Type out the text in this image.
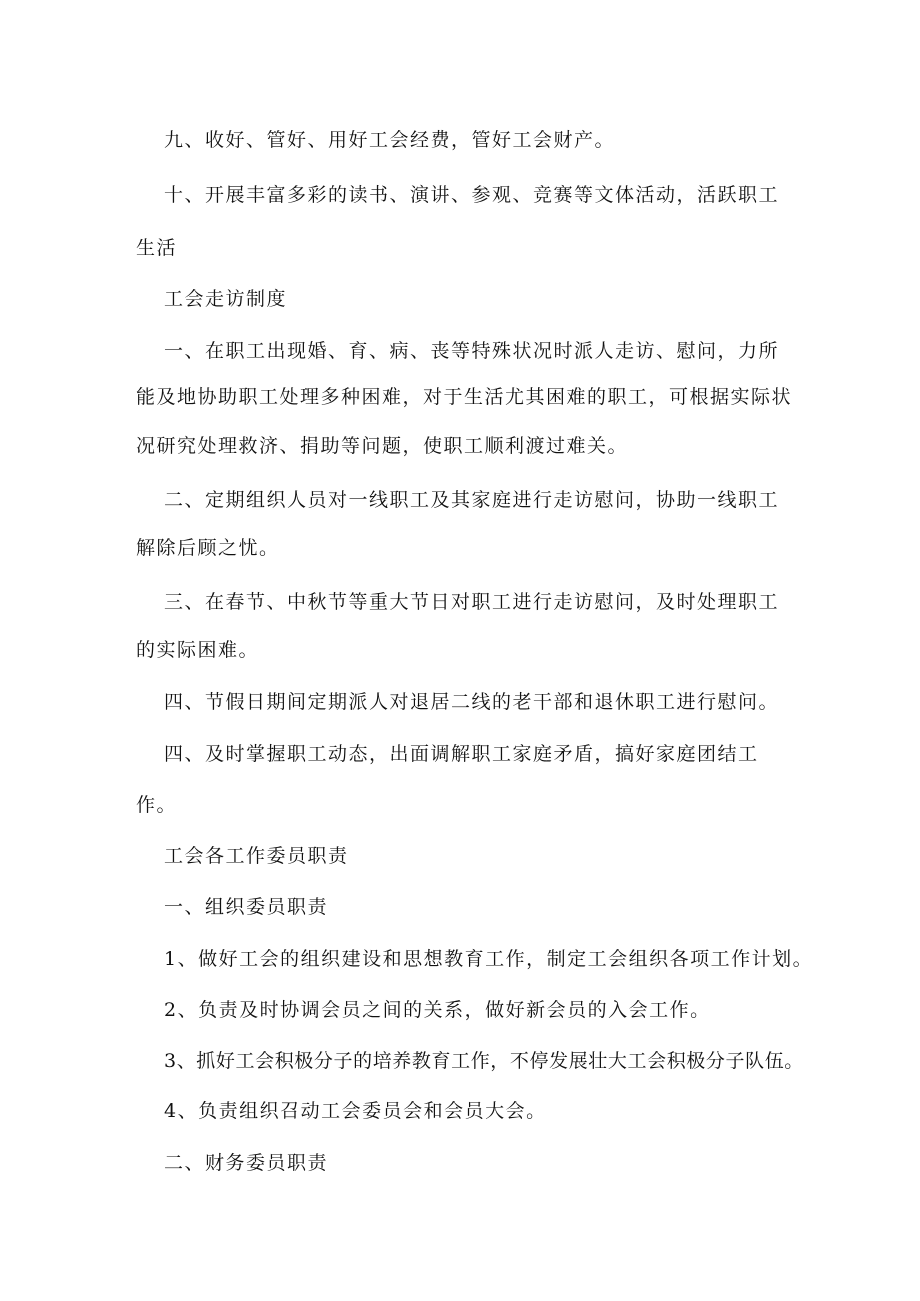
九、收好、管好、用好工会经费，管好工会财产。
十、开展丰富多彩的读书、演讲、参观、竞赛等文体活动，活跃职工
生活
工会走访制度
一、在职工出现婚、育、病、丧等特殊状况时派人走访、慰问，力所
能及地协助职工处理多种困难，对于生活尤其困难的职工，可根据实际状
况研究处理救济、捐助等问题，使职工顺利渡过难关。
二、定期组织人员对一线职工及其家庭进行走访慰问，协助一线职工
解除后顾之忧。
三、在春节、中秋节等重大节日对职工进行走访慰问，及时处理职工
的实际困难。
四、节假日期间定期派人对退居二线的老干部和退休职工进行慰问。
四、及时掌握职工动态，出面调解职工家庭矛盾，搞好家庭团结工
作。
工会各工作委员职责
一、组织委员职责
1、做好工会的组织建设和思想教育工作，制定工会组织各项工作计划。
2、负责及时协调会员之间的关系，做好新会员的入会工作。
3、抓好工会积极分子的培养教育工作，不停发展壮大工会积极分子队伍。
4、负责组织召动工会委员会和会员大会。
二、财务委员职责
